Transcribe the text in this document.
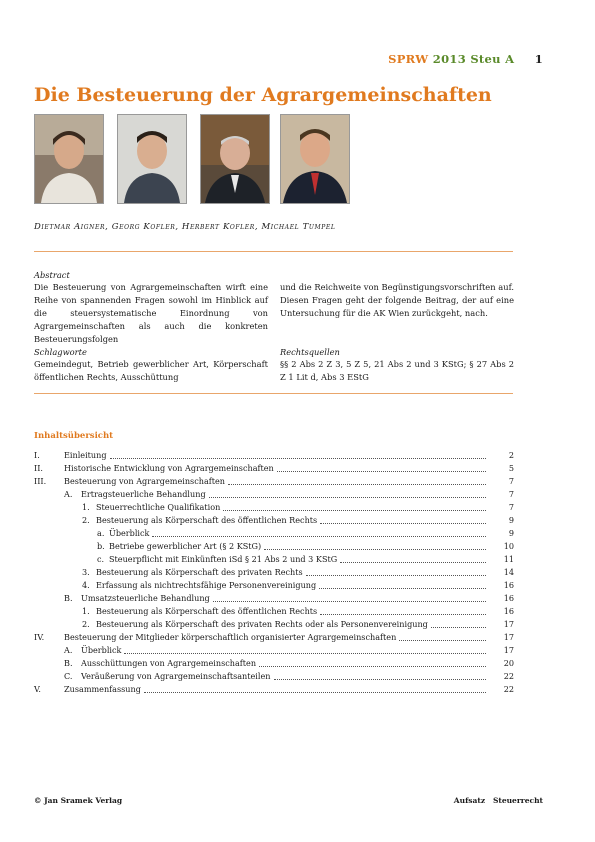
SPRW 2013 Steu A 1
Die Besteuerung der Agrargemeinschaften
Dietmar Aigner, Georg Kofler, Herbert Kofler, Michael Tumpel
Abstract
Die Besteuerung von Agrargemeinschaften wirft eine Reihe von spannenden Fragen sowohl im Hinblick auf die steuersystematische Einordnung von Agrargemeinschaften als auch die konkreten Besteuerungsfolgen
und die Reichweite von Begünstigungsvorschriften auf. Diesen Fragen geht der folgende Beitrag, der auf eine Untersuchung für die AK Wien zurückgeht, nach.
Schlagworte
Gemeindegut, Betrieb gewerblicher Art, Körperschaft öffentlichen Rechts, Ausschüttung
Rechtsquellen
§§ 2 Abs 2 Z 3, 5 Z 5, 21 Abs 2 und 3 KStG; § 27 Abs 2 Z 1 Lit d, Abs 3 EStG
Inhaltsübersicht
I.	Einleitung	2
II.	Historische Entwicklung von Agrargemeinschaften	5
III. Besteuerung von Agrargemeinschaften	7
A. Ertragsteuerliche Behandlung	7
1. Steuerrechtliche Qualifikation	7
2. Besteuerung als Körperschaft des öffentlichen Rechts	9
a. Überblick	9
b. Betriebe gewerblicher Art (§ 2 KStG)	10
c. Steuerpflicht mit Einkünften iSd § 21 Abs 2 und 3 KStG	11
3. Besteuerung als Körperschaft des privaten Rechts	14
4. Erfassung als nichtrechtsfähige Personenvereinigung	16
B. Umsatzsteuerliche Behandlung	16
1. Besteuerung als Körperschaft des öffentlichen Rechts	16
2. Besteuerung als Körperschaft des privaten Rechts oder als Personenvereinigung	17
IV. Besteuerung der Mitglieder körperschaftlich organisierter Agrargemeinschaften	17
A. Überblick	17
B. Ausschüttungen von Agrargemeinschaften	20
C. Veräußerung von Agrargemeinschaftsanteilen	22
V.	Zusammenfassung	22
© Jan Sramek Verlag	Aufsatz Steuerrecht
